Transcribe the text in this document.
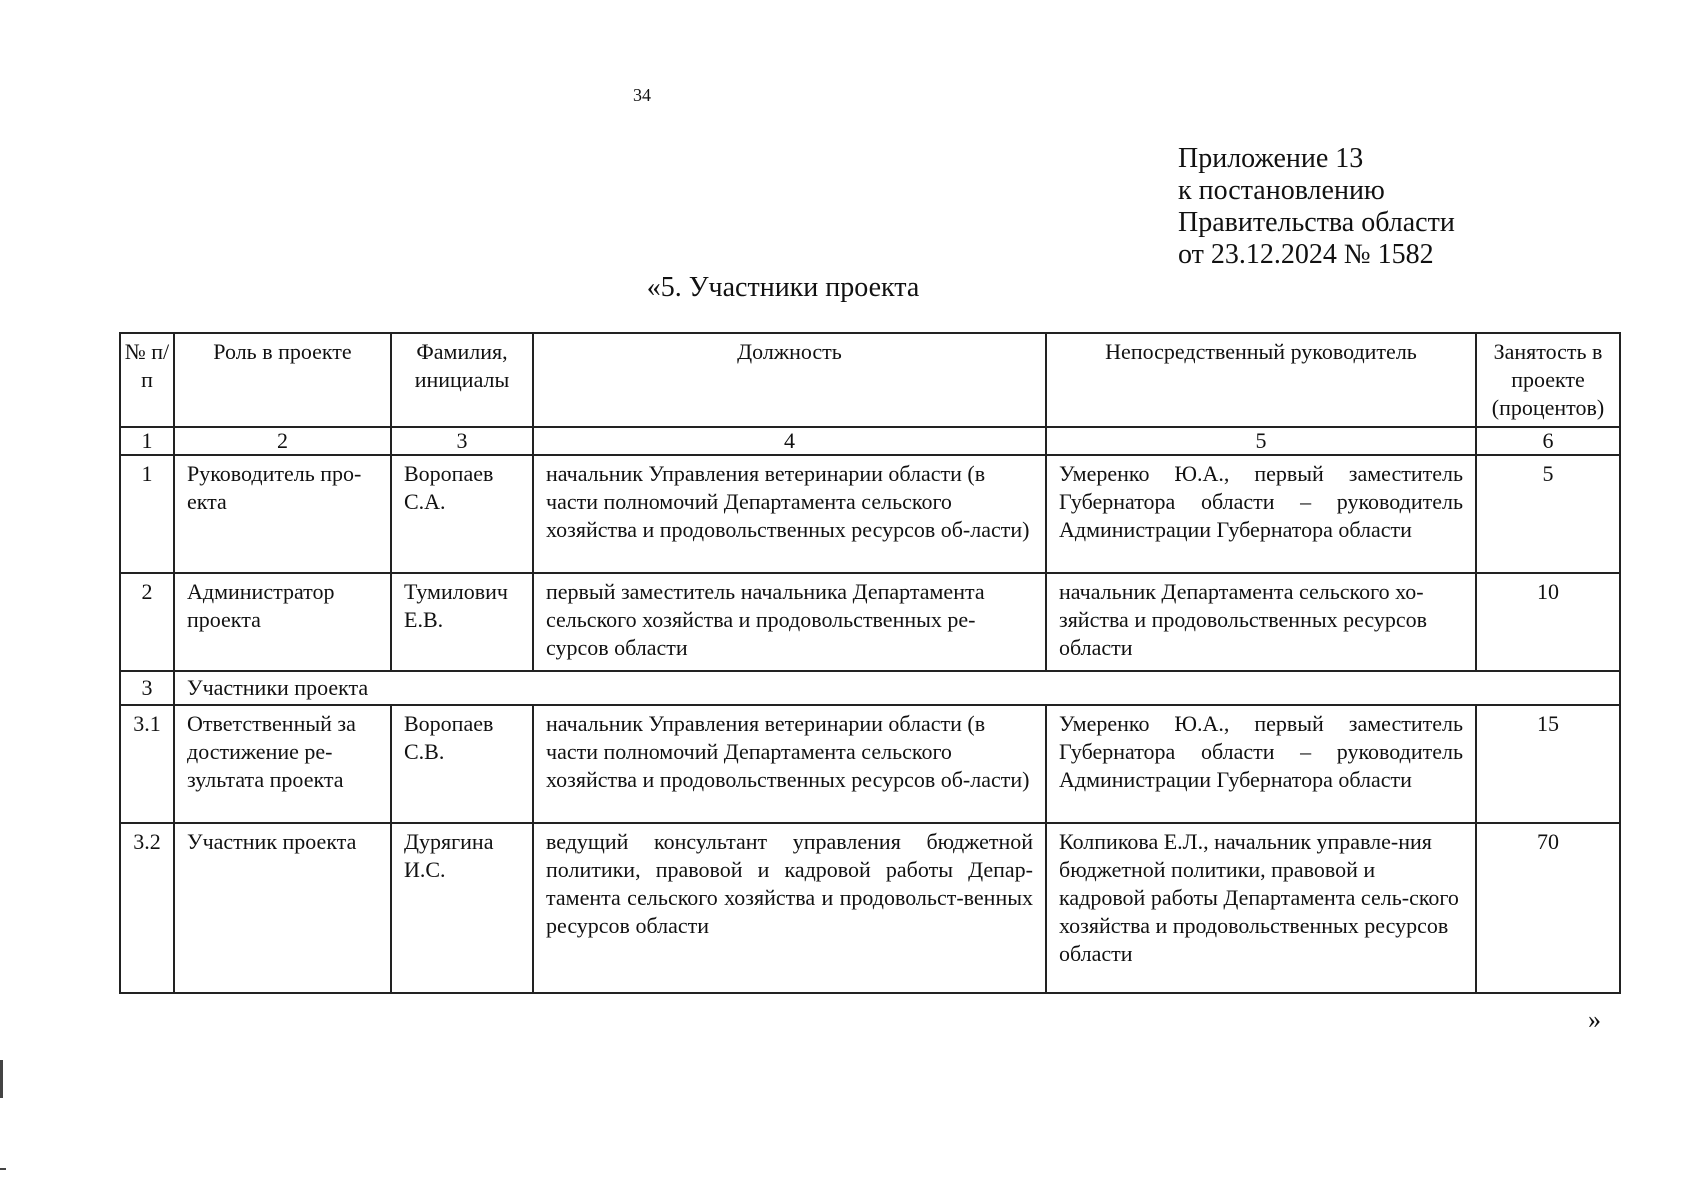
34
Приложение 13
к постановлению
Правительства области
от 23.12.2024 № 1582
«5. Участники проекта
№ п/п	Роль в проекте	Фамилия, инициалы	Должность	Непосредственный руководитель	Занятость в проекте (процентов)
1	2	3	4	5	6
1	Руководитель про-екта	Воропаев С.А.	начальник Управления ветеринарии области (в части полномочий Департамента сельского хозяйства и продовольственных ресурсов об-ласти)	Умеренко Ю.А., первый заместитель Губернатора области – руководитель Администрации Губернатора области	5
2	Администратор проекта	Тумилович Е.В.	первый заместитель начальника Департамента сельского хозяйства и продовольственных ре-сурсов области	начальник Департамента сельского хо-зяйства и продовольственных ресурсов области	10
3	Участники проекта				
3.1	Ответственный за достижение ре-зультата проекта	Воропаев С.В.	начальник Управления ветеринарии области (в части полномочий Департамента сельского хозяйства и продовольственных ресурсов об-ласти)	Умеренко Ю.А., первый заместитель Губернатора области – руководитель Администрации Губернатора области	15
3.2	Участник проекта	Дурягина И.С.	ведущий консультант управления бюджетной политики, правовой и кадровой работы Депар-тамента сельского хозяйства и продовольст-венных ресурсов области	Колпикова Е.Л., начальник управле-ния бюджетной политики, правовой и кадровой работы Департамента сель-ского хозяйства и продовольственных ресурсов области	70
»
